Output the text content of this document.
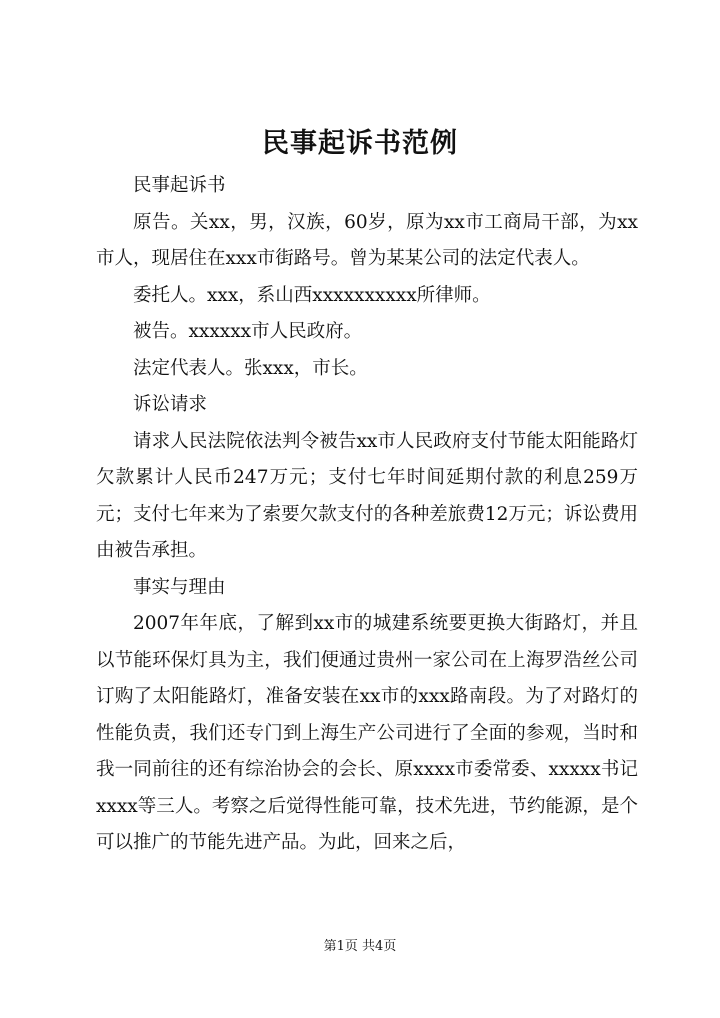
民事起诉书范例

民事起诉书

原告。关xx，男，汉族，60岁，原为xx市工商局干部，为xx市人，现居住在xxx市街路号。曾为某某公司的法定代表人。

委托人。xxx，系山西xxxxxxxxxx所律师。

被告。xxxxxx市人民政府。

法定代表人。张xxx，市长。

诉讼请求

请求人民法院依法判令被告xx市人民政府支付节能太阳能路灯欠款累计人民币247万元；支付七年时间延期付款的利息259万元；支付七年来为了索要欠款支付的各种差旅费12万元；诉讼费用由被告承担。

事实与理由

2007年年底，了解到xx市的城建系统要更换大街路灯，并且以节能环保灯具为主，我们便通过贵州一家公司在上海罗浩丝公司订购了太阳能路灯，准备安装在xx市的xxx路南段。为了对路灯的性能负责，我们还专门到上海生产公司进行了全面的参观，当时和我一同前往的还有综治协会的会长、原xxxx市委常委、xxxxx书记xxxx等三人。考察之后觉得性能可靠，技术先进，节约能源，是个可以推广的节能先进产品。为此，回来之后，

第1页 共4页
